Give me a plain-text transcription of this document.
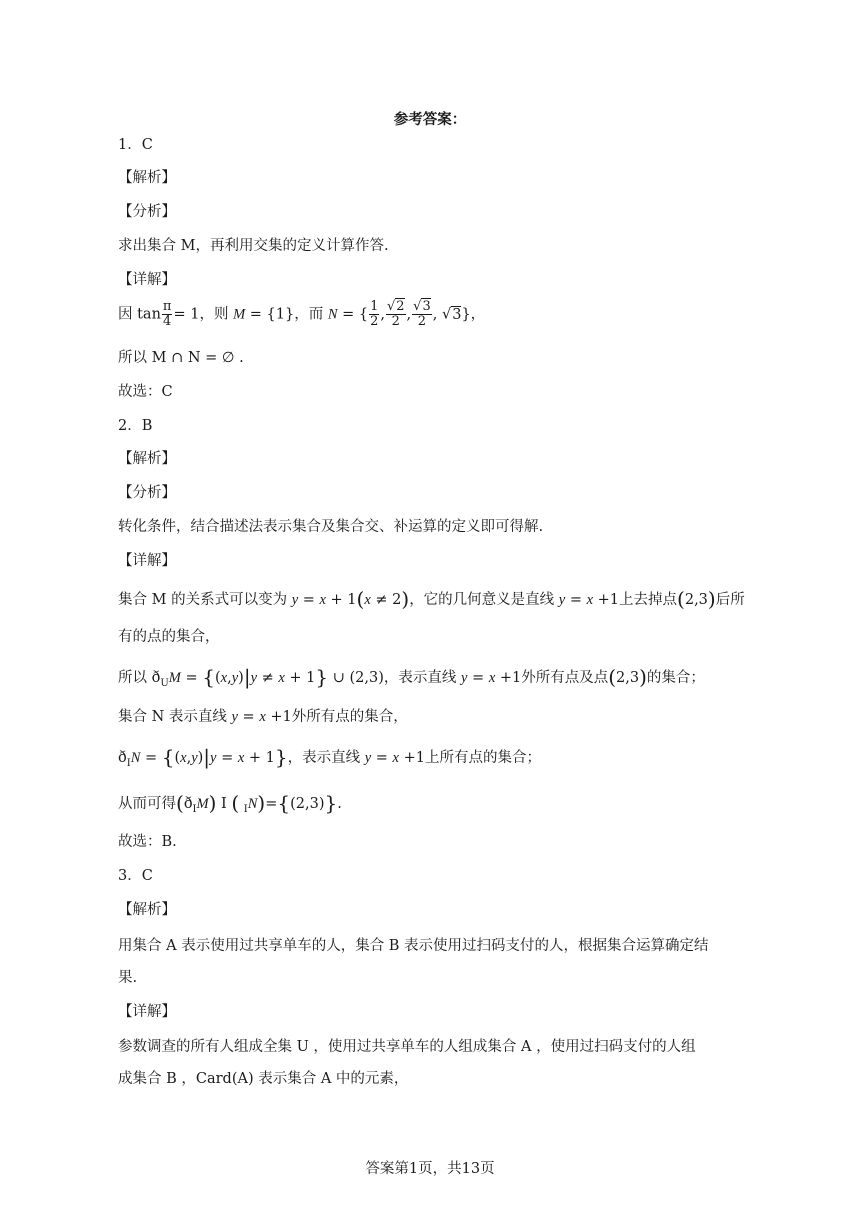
参考答案：
1．C
【解析】
【分析】
求出集合 M，再利用交集的定义计算作答.
【详解】
因 $\tan \frac{\pi}{4} = 1$，则 M = {1}，而 N = { $\frac{1}{2}$ , $\frac{√2}{2}$ , $\frac{√3}{2}$ , √3}，
所以 M ∩ N = ∅ .
故选：C
2．B
【解析】
【分析】
转化条件，结合描述法表示集合及集合交、补运算的定义即可得解.
【详解】
集合 M 的关系式可以变为 y = x + 1(x ≠ 2)，它的几何意义是直线 y = x +1上去掉点(2,3)后所
有的点的集合，
所以 $ð_UM = \{(x,y)|y \ne x + 1\}$ ∪ (2,3)，表示直线 y = x +1外所有点及点(2,3)的集合；
集合 N 表示直线 y = x +1外所有点的集合，
$ð_IN = \{(x,y)|y = x + 1\}$，表示直线 y = x +1上所有点的集合；
从而可得$(ð_IM)$ I ( $_I$N)={(2,3)}.
故选：B.
3．C
【解析】
用集合 A 表示使用过共享单车的人，集合 B 表示使用过扫码支付的人，根据集合运算确定结
果.
【详解】
参数调查的所有人组成全集 U ，使用过共享单车的人组成集合 A ，使用过扫码支付的人组
成集合 B ，Card(A) 表示集合 A 中的元素，
答案第1页，共13页
